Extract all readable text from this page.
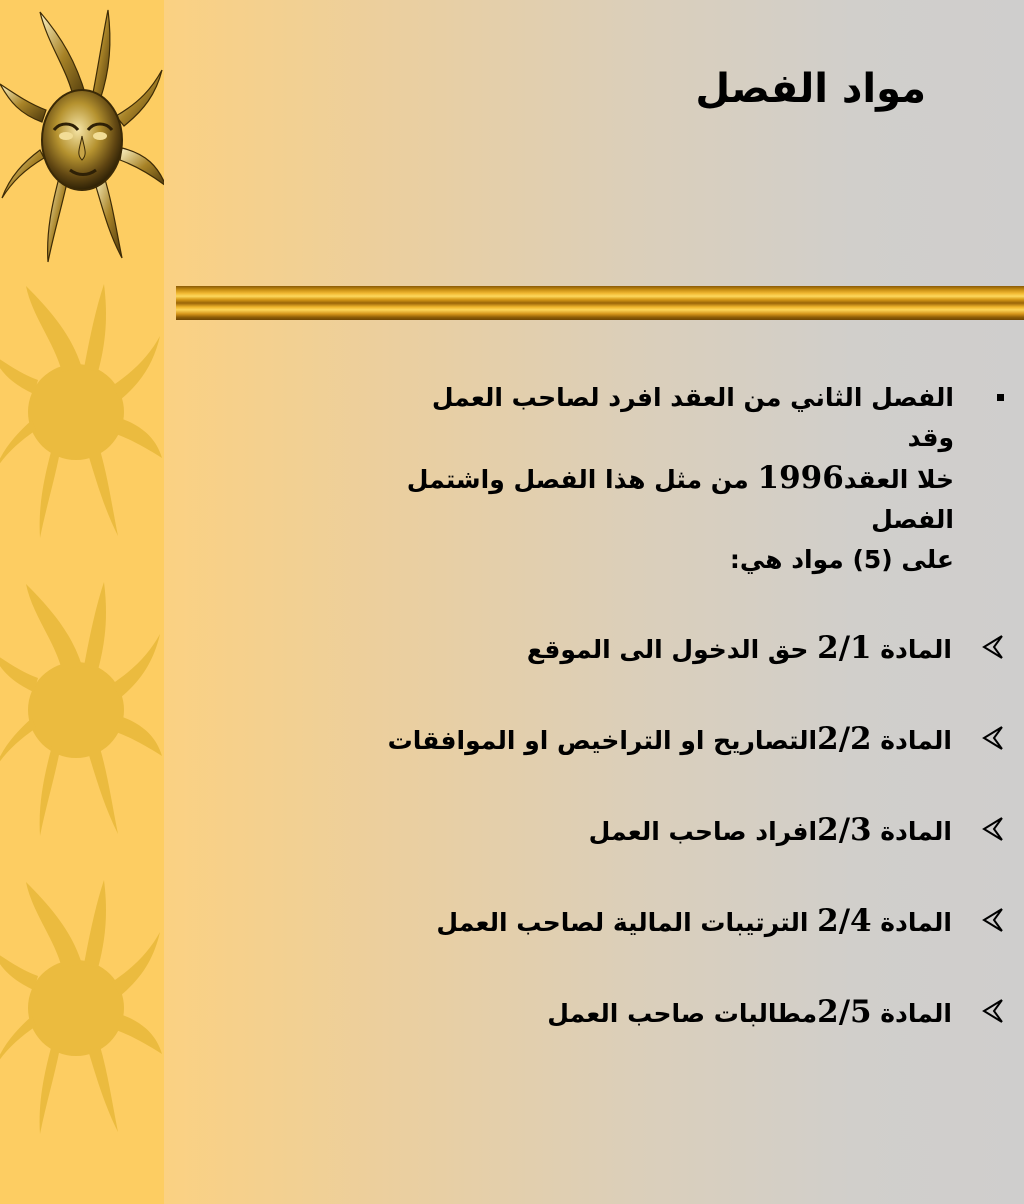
مواد الفصل

الفصل الثاني من العقد افرد لصاحب العمل وقد
خلا العقد1996 من مثل هذا الفصل واشتمل الفصل
على (5) مواد هي:

المادة 2/1 حق الدخول الى الموقع
المادة 2/2التصاريح او التراخيص او الموافقات
المادة 2/3افراد صاحب العمل
المادة 2/4 الترتيبات المالية لصاحب العمل
المادة 2/5مطالبات صاحب العمل
